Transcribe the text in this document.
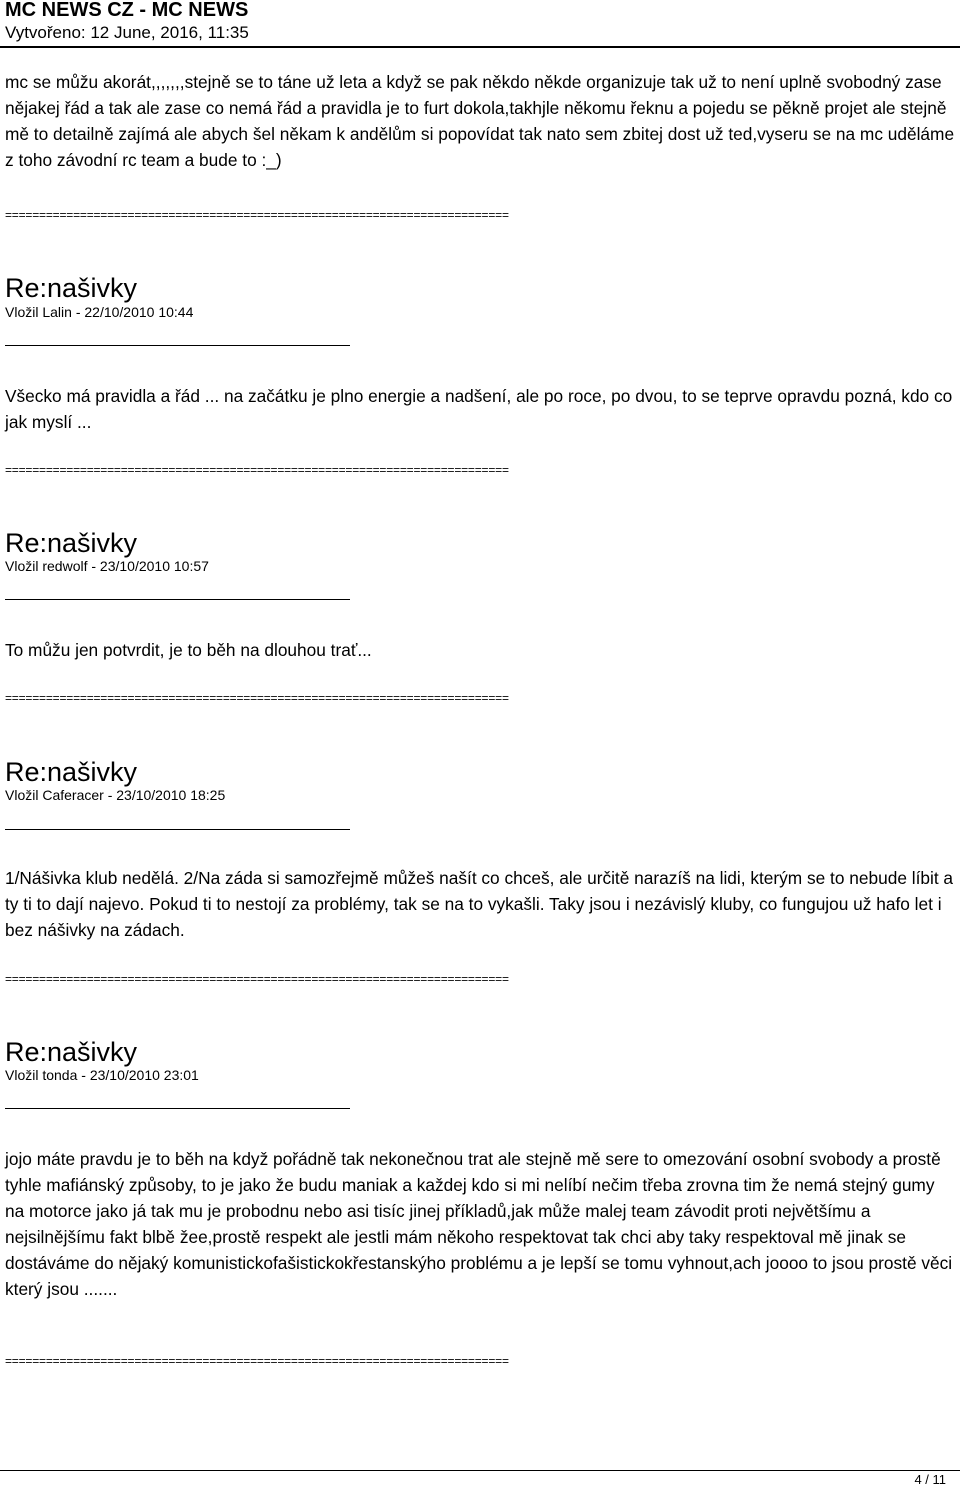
MC NEWS CZ - MC NEWS
Vytvořeno: 12 June, 2016, 11:35
mc se můžu akorát,,,,,,,stejně se to táne už leta a když se pak někdo někde organizuje tak už to není uplně svobodný zase nějakej řád a tak ale zase co nemá řád a pravidla je to furt dokola,takhjle někomu řeknu a pojedu se pěkně projet ale stejně mě to detailně zajímá ale abych šel někam k andělům si popovídat tak nato sem zbitej dost už ted,vyseru se na mc uděláme z toho závodní rc team a bude to :_)
==========================================================================
Re:našivky
Vložil Lalin - 22/10/2010 10:44
Všecko má pravidla a řád ... na začátku je plno energie a nadšení, ale po roce, po dvou, to se teprve opravdu pozná, kdo co jak myslí ...
==========================================================================
Re:našivky
Vložil redwolf - 23/10/2010 10:57
To můžu jen potvrdit, je to běh na dlouhou trať...
==========================================================================
Re:našivky
Vložil Caferacer - 23/10/2010 18:25
1/Nášivka klub nedělá. 2/Na záda si samozřejmě můžeš našít co chceš, ale určitě narazíš na lidi, kterým se to nebude líbit a ty ti to dají najevo. Pokud ti to nestojí za problémy, tak se na to vykašli. Taky jsou i nezávislý kluby, co fungujou už hafo let i bez nášivky na zádach.
==========================================================================
Re:našivky
Vložil tonda - 23/10/2010 23:01
jojo máte pravdu je to běh na když pořádně tak nekonečnou trat ale stejně mě sere to omezování osobní svobody a prostě tyhle mafiánský způsoby, to je jako že budu maniak a každej kdo si mi nelíbí nečim třeba zrovna tim že nemá stejný gumy na motorce jako já tak mu je probodnu nebo asi tisíc jinej příkladů,jak může malej team závodit proti největšímu a nejsilnějšímu fakt blbě žee,prostě respekt ale jestli mám někoho respektovat tak chci aby taky respektoval mě jinak se dostáváme do nějaký komunistickofašistickokřestanskýho problému a je lepší se tomu vyhnout,ach joooo to jsou prostě věci který jsou .......
==========================================================================
4 / 11
